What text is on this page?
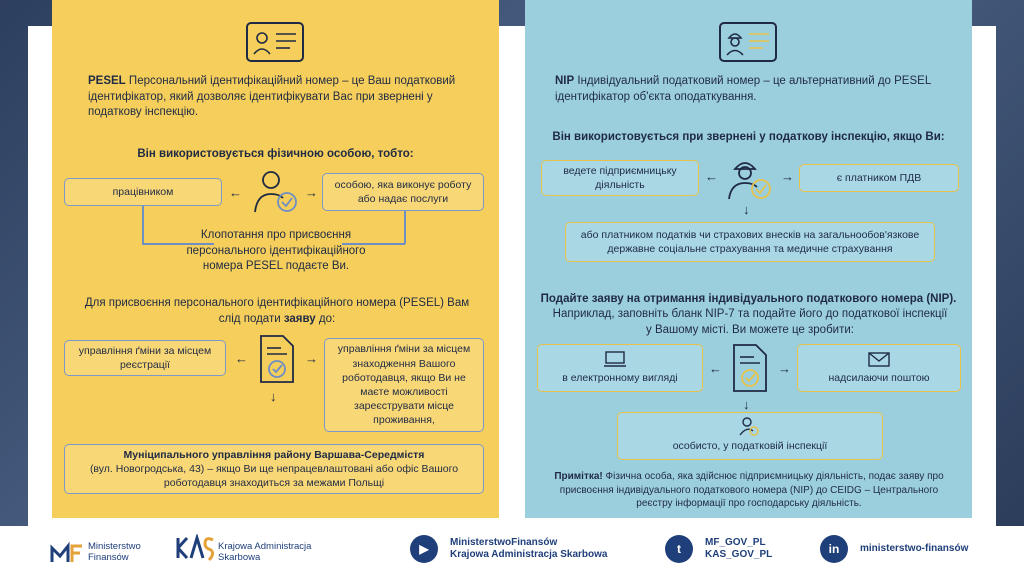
PESEL Персональний ідентифікаційний номер – це Ваш податковий ідентифікатор, який дозволяє ідентифікувати Вас при звернені у податкову інспекцію.
Він використовується фізичною особою, тобто:
працівником
особою, яка виконує роботу або надає послуги
←	→
Клопотання про присвоєння персонального ідентифікаційного номера PESEL подаєте Ви.
Для присвоєння персонального ідентифікаційного номера (PESEL) Вам слід подати заяву до:
управління ґміни за місцем реєстрації
управління ґміни за місцем знаходження Вашого роботодавця, якщо Ви не маєте можливості зареєструвати місце проживання,
←	→
↓
Муніципального управління району Варшава-Середмістя
(вул. Новогродська, 43) – якщо Ви ще непрацевлаштовані або офіс Вашого роботодавця знаходиться за межами Польщі
NIP Індивідуальний податковий номер – це альтернативний до PESEL ідентифікатор об'єкта оподаткування.
Він використовується при звернені у податкову інспекцію, якщо Ви:
ведете підприємницьку діяльність
є платником ПДВ
←	→
↓
або платником податків чи страхових внесків на загальнообов'язкове державне соціальне страхування та медичне страхування
Подайте заяву на отримання індивідуального податкового номера (NIP).
Наприклад, заповніть бланк NIP-7 та подайте його до податкової інспекції у Вашому місті. Ви можете це зробити:
в електронному вигляді	надсилаючи поштою
←	→
↓
особисто, у податковій інспекції
Примітка! Фізична особа, яка здійснює підприємницьку діяльність, подає заяву про присвоєння індивідуального податкового номера (NIP) до CEIDG – Центрального реєстру інформації про господарську діяльність.
Ministerstwo
Finansów
Krajowa Administracja
Skarbowa
▶	MinisterstwoFinansów
Krajowa Administracja Skarbowa	t	MF_GOV_PL
KAS_GOV_PL	in	ministerstwo-finansów
